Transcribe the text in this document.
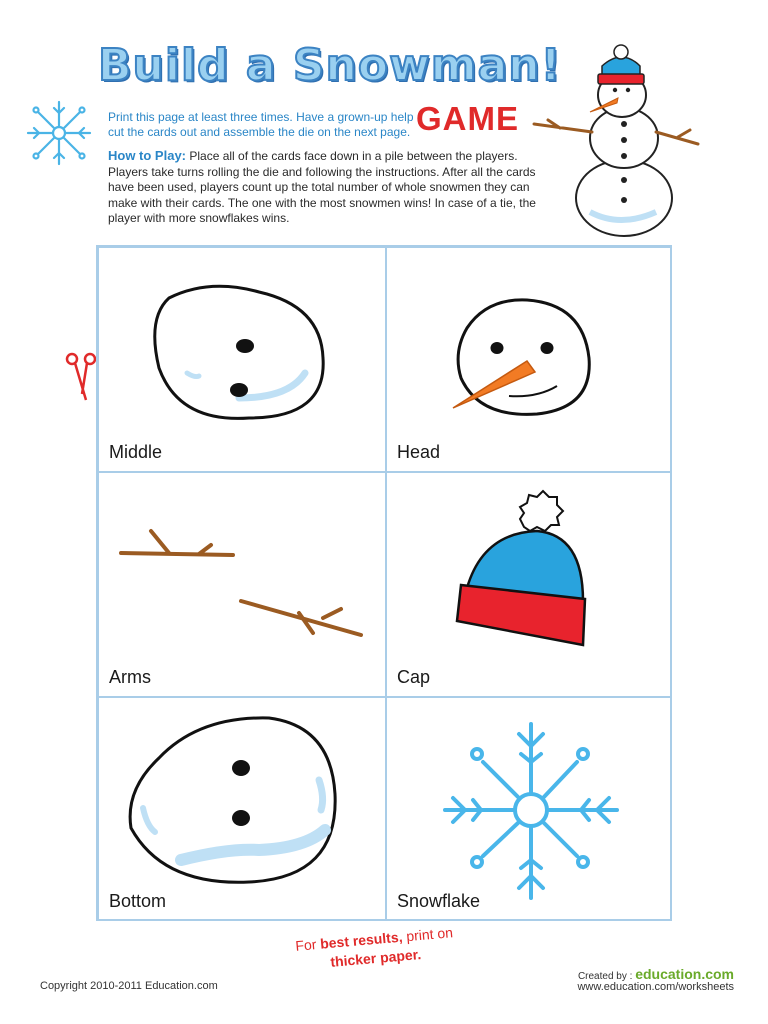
Build a Snowman!
Print this page at least three times. Have a grown-up help cut the cards out and assemble the die on the next page. GAME
How to Play: Place all of the cards face down in a pile between the players. Players take turns rolling the die and following the instructions. After all the cards have been used, players count up the total number of whole snowmen they can make with their cards. The one with the most snowmen wins! In case of a tie, the player with more snowflakes wins.
Middle	Head
Arms	Cap
Bottom	Snowflake
For best results, print on
thicker paper.
Copyright 2010-2011 Education.com
Created by : education.com
www.education.com/worksheets
